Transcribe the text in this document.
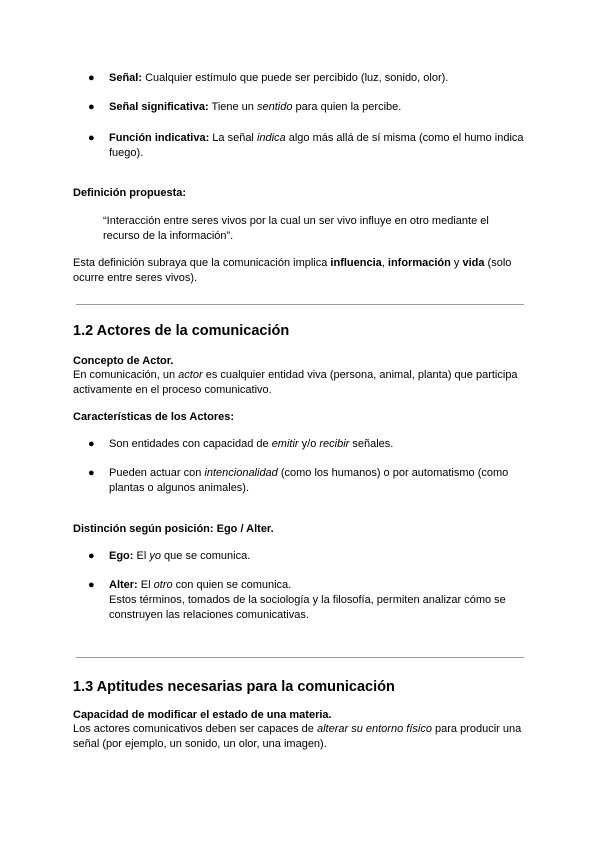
● Señal: Cualquier estímulo que puede ser percibido (luz, sonido, olor).

● Señal significativa: Tiene un sentido para quien la percibe.

● Función indicativa: La señal indica algo más allá de sí misma (como el humo indica fuego).

Definición propuesta:

“Interacción entre seres vivos por la cual un ser vivo influye en otro mediante el recurso de la información”.

Esta definición subraya que la comunicación implica influencia, información y vida (solo ocurre entre seres vivos).

1.2 Actores de la comunicación

Concepto de Actor.

En comunicación, un actor es cualquier entidad viva (persona, animal, planta) que participa activamente en el proceso comunicativo.

Características de los Actores:

● Son entidades con capacidad de emitir y/o recibir señales.

● Pueden actuar con intencionalidad (como los humanos) o por automatismo (como plantas o algunos animales).

Distinción según posición: Ego / Alter.

● Ego: El yo que se comunica.

● Alter: El otro con quien se comunica.

Estos términos, tomados de la sociología y la filosofía, permiten analizar cómo se construyen las relaciones comunicativas.

1.3 Aptitudes necesarias para la comunicación

Capacidad de modificar el estado de una materia.

Los actores comunicativos deben ser capaces de alterar su entorno físico para producir una señal (por ejemplo, un sonido, un olor, una imagen).
